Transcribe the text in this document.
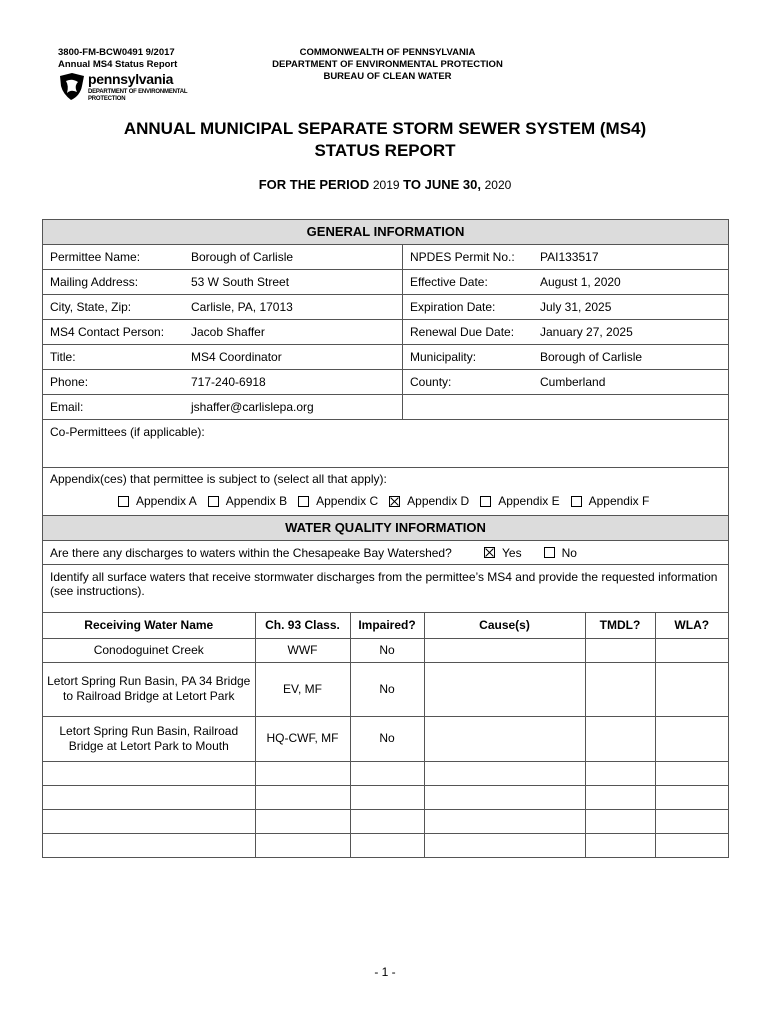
3800-FM-BCW0491 9/2017
Annual MS4 Status Report
pennsylvania
DEPARTMENT OF ENVIRONMENTAL
PROTECTION
COMMONWEALTH OF PENNSYLVANIA
DEPARTMENT OF ENVIRONMENTAL PROTECTION
BUREAU OF CLEAN WATER
ANNUAL MUNICIPAL SEPARATE STORM SEWER SYSTEM (MS4)
STATUS REPORT
FOR THE PERIOD 2019 TO JUNE 30, 2020
GENERAL INFORMATION
Permittee Name:	Borough of Carlisle	NPDES Permit No.:	PAI133517
Mailing Address:	53 W South Street	Effective Date:	August 1, 2020
City, State, Zip:	Carlisle, PA, 17013	Expiration Date:	July 31, 2025
MS4 Contact Person:	Jacob Shaffer	Renewal Due Date:	January 27, 2025
Title:	MS4 Coordinator	Municipality:	Borough of Carlisle
Phone:	717-240-6918	County:	Cumberland
Email:	jshaffer@carlislepa.org
Co-Permittees (if applicable):
Appendix(ces) that permittee is subject to (select all that apply):
Appendix A Appendix B Appendix C Appendix D Appendix E Appendix F
WATER QUALITY INFORMATION
Are there any discharges to waters within the Chesapeake Bay Watershed?	Yes	No
Identify all surface waters that receive stormwater discharges from the permittee’s MS4 and provide the requested information (see instructions).
Receiving Water Name	Ch. 93 Class.	Impaired?	Cause(s)	TMDL?	WLA?
Conodoguinet Creek	WWF	No			
Letort Spring Run Basin, PA 34 Bridge to Railroad Bridge at Letort Park	EV, MF	No			
Letort Spring Run Basin, Railroad Bridge at Letort Park to Mouth	HQ-CWF, MF	No			

- 1 -
